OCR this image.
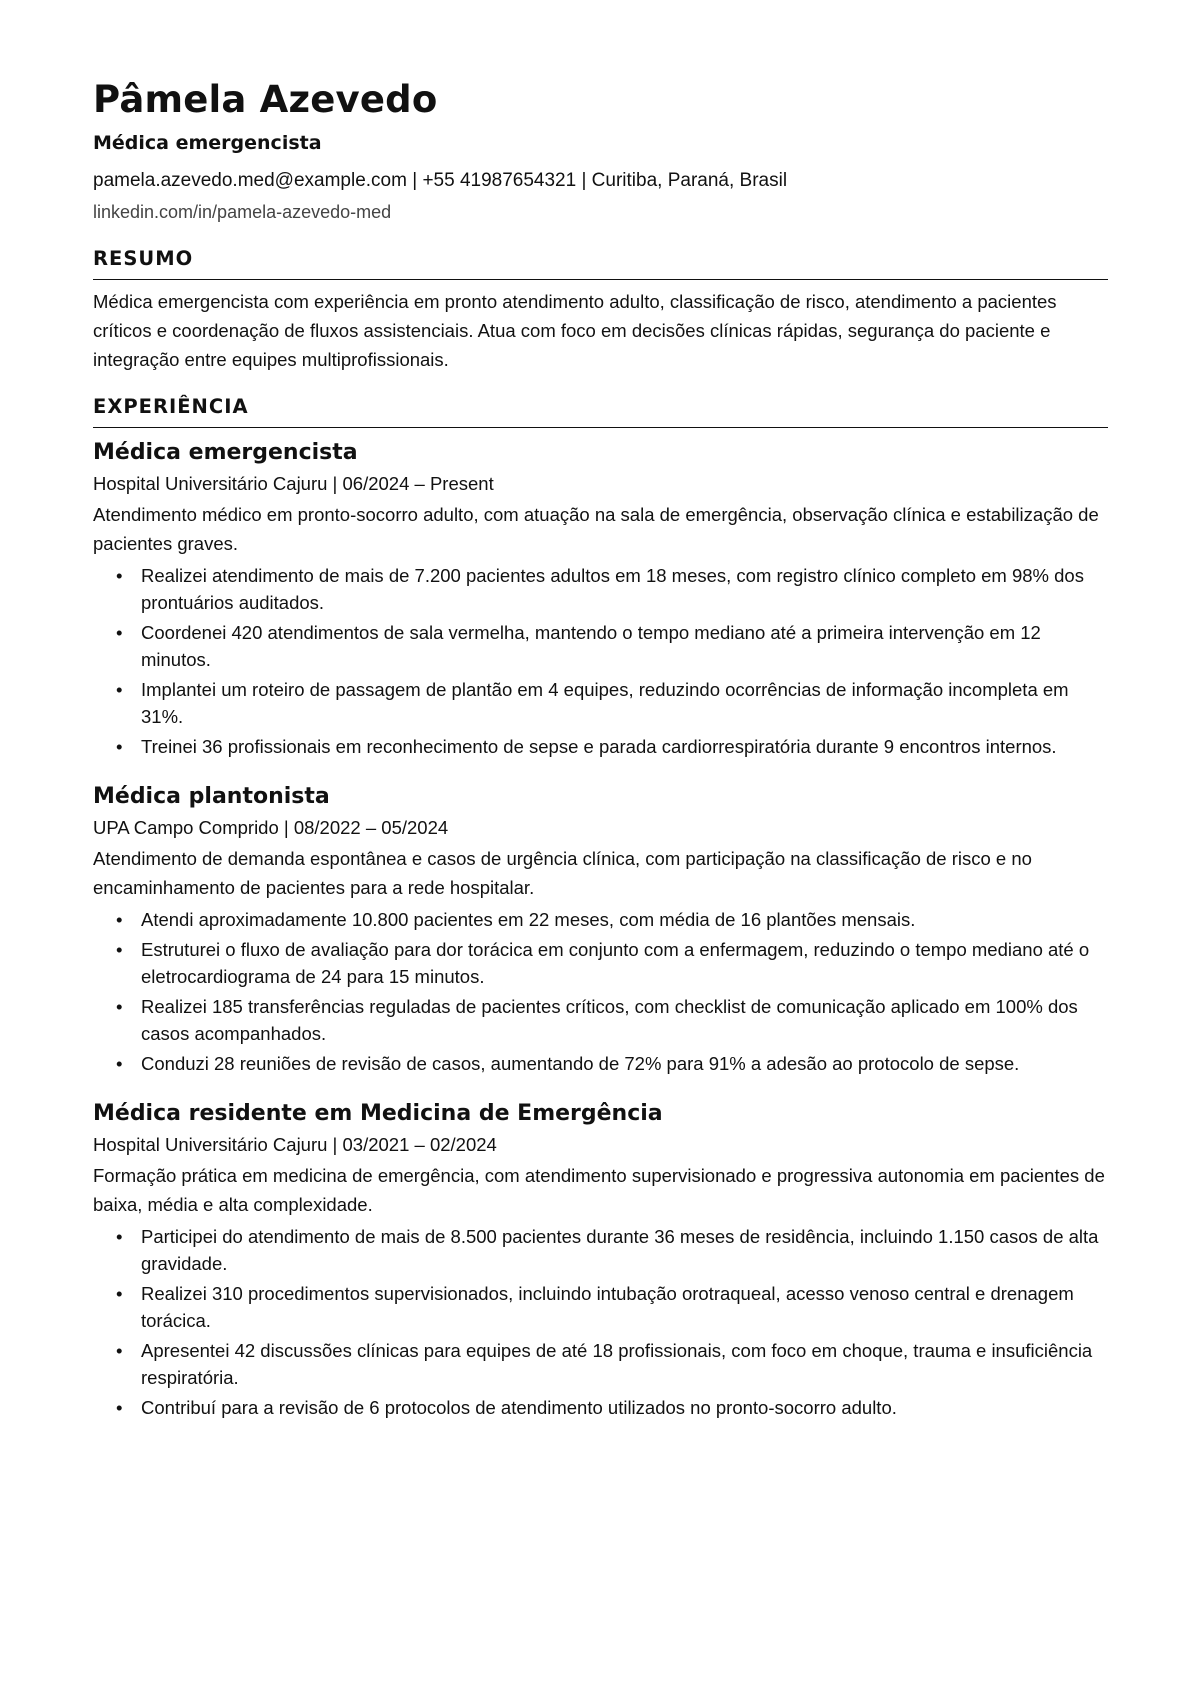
Pâmela Azevedo
Médica emergencista
pamela.azevedo.med@example.com | +55 41987654321 | Curitiba, Paraná, Brasil
linkedin.com/in/pamela-azevedo-med
RESUMO
Médica emergencista com experiência em pronto atendimento adulto, classificação de risco, atendimento a pacientes críticos e coordenação de fluxos assistenciais. Atua com foco em decisões clínicas rápidas, segurança do paciente e integração entre equipes multiprofissionais.
EXPERIÊNCIA
Médica emergencista
Hospital Universitário Cajuru | 06/2024 – Present
Atendimento médico em pronto-socorro adulto, com atuação na sala de emergência, observação clínica e estabilização de pacientes graves.
• Realizei atendimento de mais de 7.200 pacientes adultos em 18 meses, com registro clínico completo em 98% dos prontuários auditados.
• Coordenei 420 atendimentos de sala vermelha, mantendo o tempo mediano até a primeira intervenção em 12 minutos.
• Implantei um roteiro de passagem de plantão em 4 equipes, reduzindo ocorrências de informação incompleta em 31%.
• Treinei 36 profissionais em reconhecimento de sepse e parada cardiorrespiratória durante 9 encontros internos.
Médica plantonista
UPA Campo Comprido | 08/2022 – 05/2024
Atendimento de demanda espontânea e casos de urgência clínica, com participação na classificação de risco e no encaminhamento de pacientes para a rede hospitalar.
• Atendi aproximadamente 10.800 pacientes em 22 meses, com média de 16 plantões mensais.
• Estruturei o fluxo de avaliação para dor torácica em conjunto com a enfermagem, reduzindo o tempo mediano até o eletrocardiograma de 24 para 15 minutos.
• Realizei 185 transferências reguladas de pacientes críticos, com checklist de comunicação aplicado em 100% dos casos acompanhados.
• Conduzi 28 reuniões de revisão de casos, aumentando de 72% para 91% a adesão ao protocolo de sepse.
Médica residente em Medicina de Emergência
Hospital Universitário Cajuru | 03/2021 – 02/2024
Formação prática em medicina de emergência, com atendimento supervisionado e progressiva autonomia em pacientes de baixa, média e alta complexidade.
• Participei do atendimento de mais de 8.500 pacientes durante 36 meses de residência, incluindo 1.150 casos de alta gravidade.
• Realizei 310 procedimentos supervisionados, incluindo intubação orotraqueal, acesso venoso central e drenagem torácica.
• Apresentei 42 discussões clínicas para equipes de até 18 profissionais, com foco em choque, trauma e insuficiência respiratória.
• Contribuí para a revisão de 6 protocolos de atendimento utilizados no pronto-socorro adulto.
